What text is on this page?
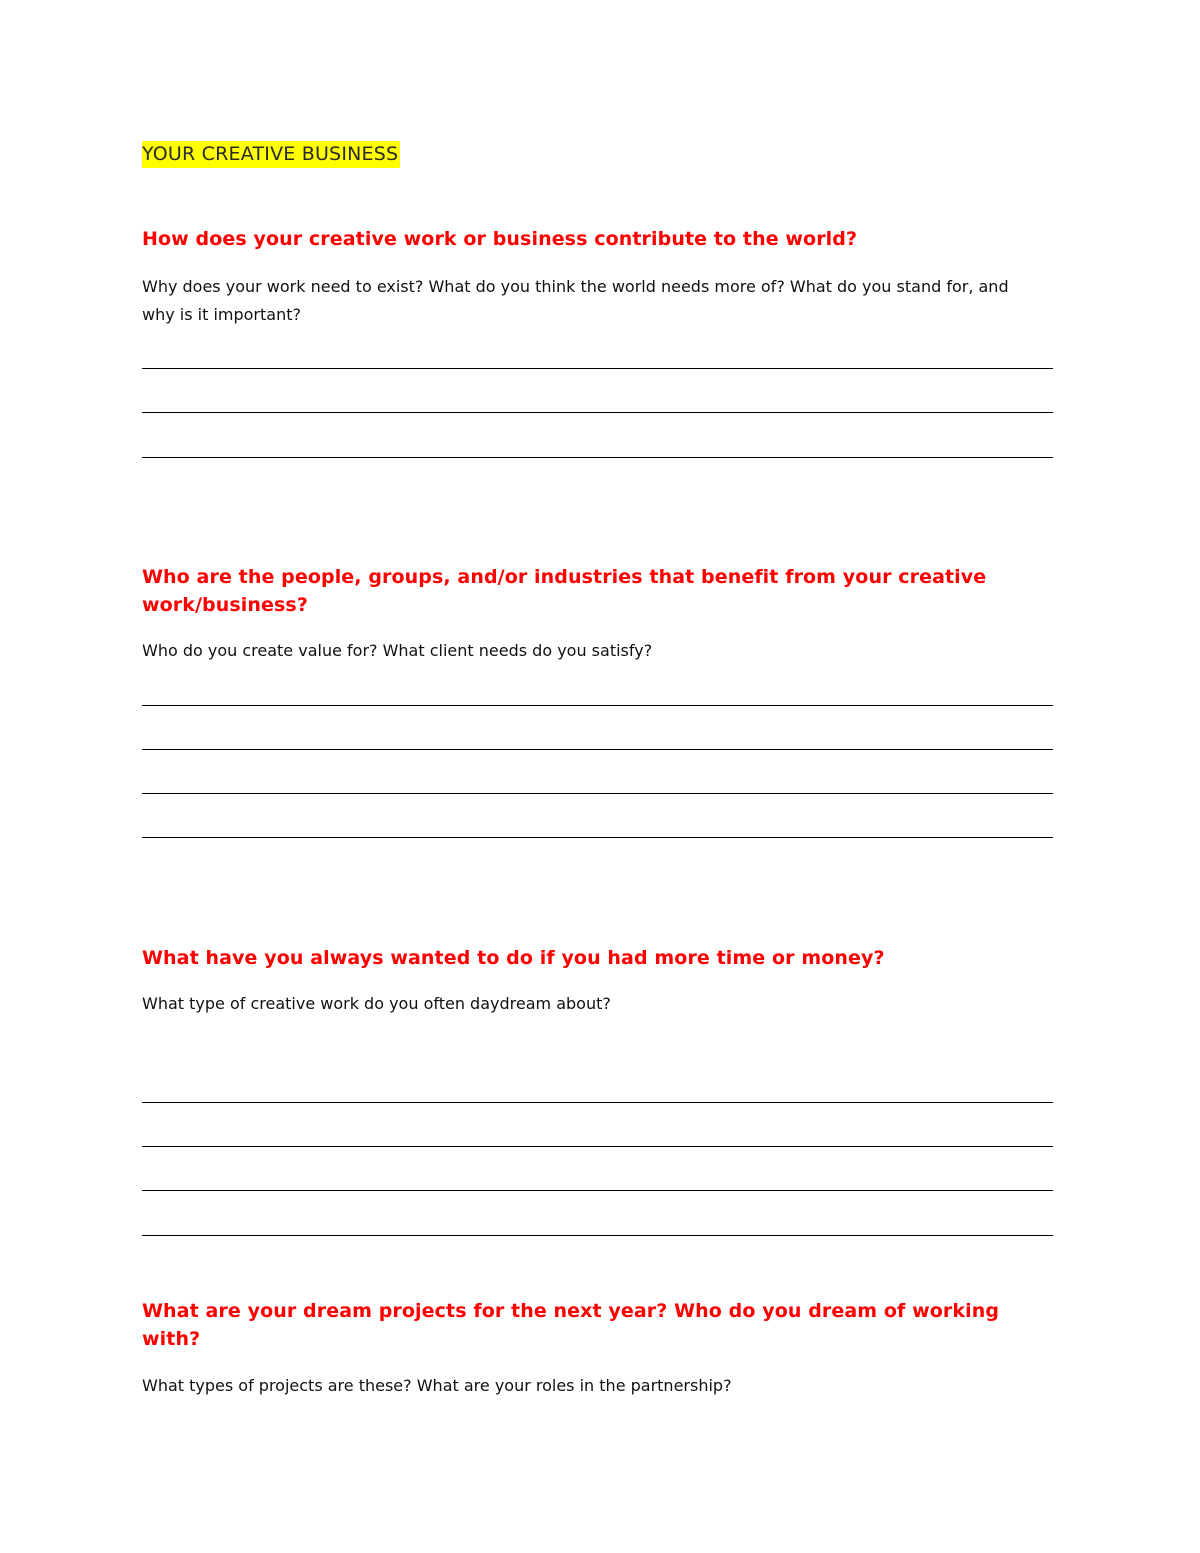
YOUR CREATIVE BUSINESS
How does your creative work or business contribute to the world?

Why does your work need to exist? What do you think the world needs more of? What do you stand for, and why is it important?

Who are the people, groups, and/or industries that benefit from your creative work/business?

Who do you create value for? What client needs do you satisfy?

What have you always wanted to do if you had more time or money?

What type of creative work do you often daydream about?

What are your dream projects for the next year? Who do you dream of working with?

What types of projects are these? What are your roles in the partnership?
